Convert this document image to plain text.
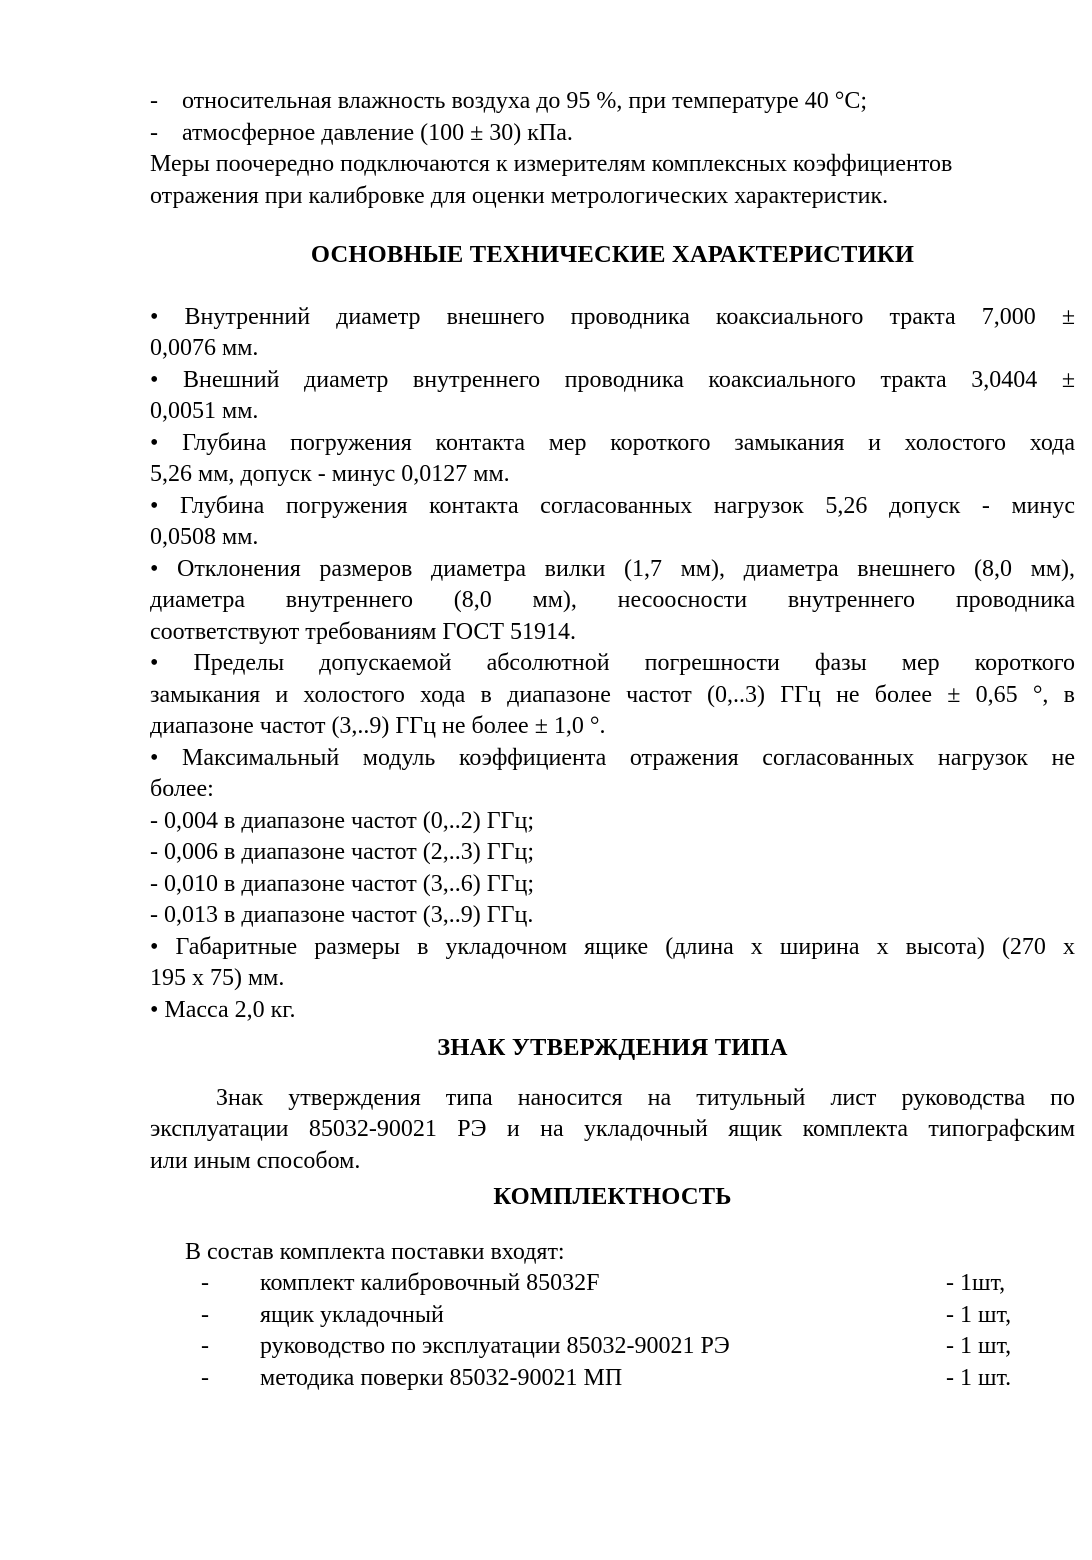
-	относительная влажность воздуха до 95 %, при температуре 40 °С;
-	атмосферное давление (100 ± 30) кПа.
Меры поочередно подключаются к измерителям комплексных коэффициентов
отражения при калибровке для оценки метрологических характеристик.
ОСНОВНЫЕ ТЕХНИЧЕСКИЕ ХАРАКТЕРИСТИКИ
• Внутренний диаметр внешнего проводника коаксиального тракта 7,000 ±
0,0076 мм.
• Внешний диаметр внутреннего проводника коаксиального тракта 3,0404 ±
0,0051 мм.
• Глубина погружения контакта мер короткого замыкания и холостого хода
5,26 мм, допуск - минус 0,0127 мм.
• Глубина погружения контакта согласованных нагрузок 5,26 допуск - минус
0,0508 мм.
• Отклонения размеров диаметра вилки (1,7 мм), диаметра внешнего (8,0 мм),
диаметра внутреннего (8,0 мм), несоосности внутреннего проводника
соответствуют требованиям ГОСТ 51914.
• Пределы допускаемой абсолютной погрешности фазы мер короткого
замыкания и холостого хода в диапазоне частот (0,..3) ГГц не более ± 0,65 °, в
диапазоне частот (3,..9) ГГц не более ± 1,0 °.
• Максимальный модуль коэффициента отражения согласованных нагрузок не
более:
- 0,004 в диапазоне частот (0,..2) ГГц;
- 0,006 в диапазоне частот (2,..3) ГГц;
- 0,010 в диапазоне частот (3,..6) ГГц;
- 0,013 в диапазоне частот (3,..9) ГГц.
• Габаритные размеры в укладочном ящике (длина х ширина х высота) (270 х
195 х 75) мм.
• Масса 2,0 кг.
ЗНАК УТВЕРЖДЕНИЯ ТИПА
Знак утверждения типа наносится на титульный лист руководства по
эксплуатации 85032-90021 РЭ и на укладочный ящик комплекта типографским
или иным способом.
КОМПЛЕКТНОСТЬ
В состав комплекта поставки входят:
-	комплект калибровочный 85032F	- 1шт,
-	ящик укладочный	- 1 шт,
-	руководство по эксплуатации 85032-90021 РЭ	- 1 шт,
-	методика поверки 85032-90021 МП	- 1 шт.
